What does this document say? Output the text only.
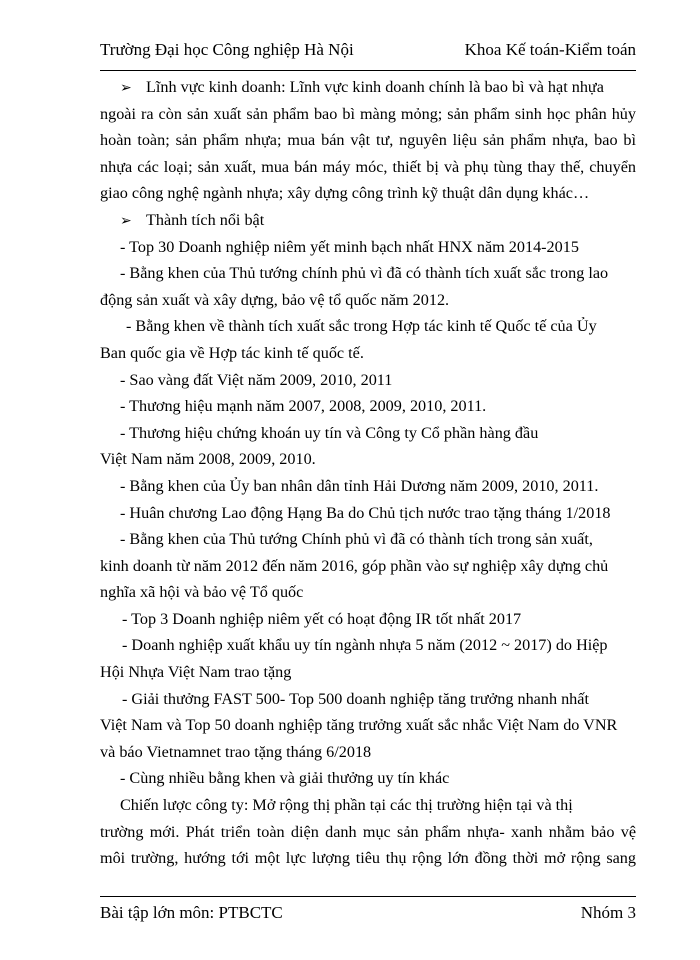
Trường Đại học Công nghiệp Hà Nội	Khoa Kế toán-Kiểm toán
➢ Lĩnh vực kinh doanh: Lĩnh vực kinh doanh chính là bao bì và hạt nhựa
ngoài ra còn sản xuất sản phẩm bao bì màng mỏng; sản phẩm sinh học phân hủy
hoàn toàn; sản phẩm nhựa; mua bán vật tư, nguyên liệu sản phẩm nhựa, bao bì
nhựa các loại; sản xuất, mua bán máy móc, thiết bị và phụ tùng thay thế, chuyển
giao công nghệ ngành nhựa; xây dựng công trình kỹ thuật dân dụng khác…
➢ Thành tích nổi bật
- Top 30 Doanh nghiệp niêm yết minh bạch nhất HNX năm 2014-2015
- Bằng khen của Thủ tướng chính phủ vì đã có thành tích xuất sắc trong lao
động sản xuất và xây dựng, bảo vệ tổ quốc năm 2012.
- Bằng khen về thành tích xuất sắc trong Hợp tác kinh tế Quốc tế của Ủy
Ban quốc gia về Hợp tác kinh tế quốc tế.
- Sao vàng đất Việt năm 2009, 2010, 2011
- Thương hiệu mạnh năm 2007, 2008, 2009, 2010, 2011.
- Thương hiệu chứng khoán uy tín và Công ty Cổ phần hàng đầu
Việt Nam năm 2008, 2009, 2010.
- Bằng khen của Ủy ban nhân dân tỉnh Hải Dương năm 2009, 2010, 2011.
- Huân chương Lao động Hạng Ba do Chủ tịch nước trao tặng tháng 1/2018
- Bằng khen của Thủ tướng Chính phủ vì đã có thành tích trong sản xuất,
kinh doanh từ năm 2012 đến năm 2016, góp phần vào sự nghiệp xây dựng chủ
nghĩa xã hội và bảo vệ Tổ quốc
- Top 3 Doanh nghiệp niêm yết có hoạt động IR tốt nhất 2017
- Doanh nghiệp xuất khẩu uy tín ngành nhựa 5 năm (2012 ~ 2017) do Hiệp
Hội Nhựa Việt Nam trao tặng
- Giải thưởng FAST 500- Top 500 doanh nghiệp tăng trưởng nhanh nhất
Việt Nam và Top 50 doanh nghiệp tăng trưởng xuất sắc nhắc Việt Nam do VNR
và báo Vietnamnet trao tặng tháng 6/2018
- Cùng nhiều bằng khen và giải thưởng uy tín khác
Chiến lược công ty: Mở rộng thị phần tại các thị trường hiện tại và thị
trường mới. Phát triển toàn diện danh mục sản phẩm nhựa- xanh nhằm bảo vệ
môi trường, hướng tới một lực lượng tiêu thụ rộng lớn đồng thời mở rộng sang
Bài tập lớn môn: PTBCTC	Nhóm 3
